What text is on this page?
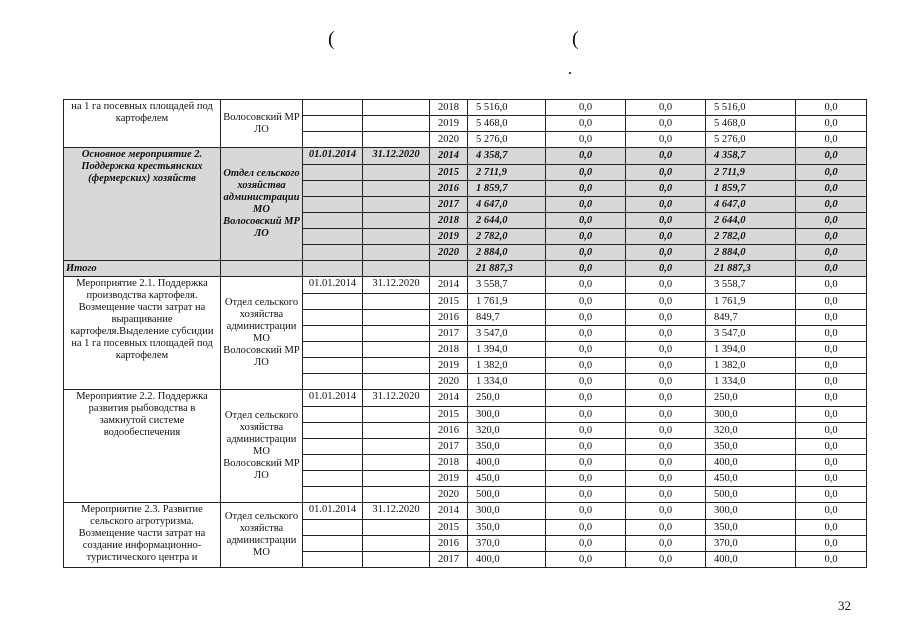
(	(
на 1 га посевных площадей под картофелем	Волосовский МР ЛО			2018	5 516,0	0,0	0,0	5 516,0	0,0
				2019	5 468,0	0,0	0,0	5 468,0	0,0
				2020	5 276,0	0,0	0,0	5 276,0	0,0
Основное мероприятие 2. Поддержка крестьянских (фермерских) хозяйств	Отдел сельского хозяйства администрации МО Волосовский МР ЛО	01.01.2014	31.12.2020	2014	4 358,7	0,0	0,0	4 358,7	0,0
				2015	2 711,9	0,0	0,0	2 711,9	0,0
				2016	1 859,7	0,0	0,0	1 859,7	0,0
				2017	4 647,0	0,0	0,0	4 647,0	0,0
				2018	2 644,0	0,0	0,0	2 644,0	0,0
				2019	2 782,0	0,0	0,0	2 782,0	0,0
				2020	2 884,0	0,0	0,0	2 884,0	0,0
Итого					21 887,3	0,0	0,0	21 887,3	0,0
Мероприятие 2.1. Поддержка производства картофеля. Возмещение части затрат на выращивание картофеля.Выделение субсидии на 1 га посевных площадей под картофелем	Отдел сельского хозяйства администрации МО Волосовский МР ЛО	01.01.2014	31.12.2020	2014	3 558,7	0,0	0,0	3 558,7	0,0
				2015	1 761,9	0,0	0,0	1 761,9	0,0
				2016	849,7	0,0	0,0	849,7	0,0
				2017	3 547,0	0,0	0,0	3 547,0	0,0
				2018	1 394,0	0,0	0,0	1 394,0	0,0
				2019	1 382,0	0,0	0,0	1 382,0	0,0
				2020	1 334,0	0,0	0,0	1 334,0	0,0
Мероприятие 2.2. Поддержка развития рыбоводства в замкнутой системе водообеспечения	Отдел сельского хозяйства администрации МО Волосовский МР ЛО	01.01.2014	31.12.2020	2014	250,0	0,0	0,0	250,0	0,0
				2015	300,0	0,0	0,0	300,0	0,0
				2016	320,0	0,0	0,0	320,0	0,0
				2017	350,0	0,0	0,0	350,0	0,0
				2018	400,0	0,0	0,0	400,0	0,0
				2019	450,0	0,0	0,0	450,0	0,0
				2020	500,0	0,0	0,0	500,0	0,0
Мероприятие 2.3. Развитие сельского агротуризма. Возмещение части затрат на создание информационно-туристического центра и	Отдел сельского хозяйства администрации МО	01.01.2014	31.12.2020	2014	300,0	0,0	0,0	300,0	0,0
				2015	350,0	0,0	0,0	350,0	0,0
				2016	370,0	0,0	0,0	370,0	0,0
				2017	400,0	0,0	0,0	400,0	0,0
32
